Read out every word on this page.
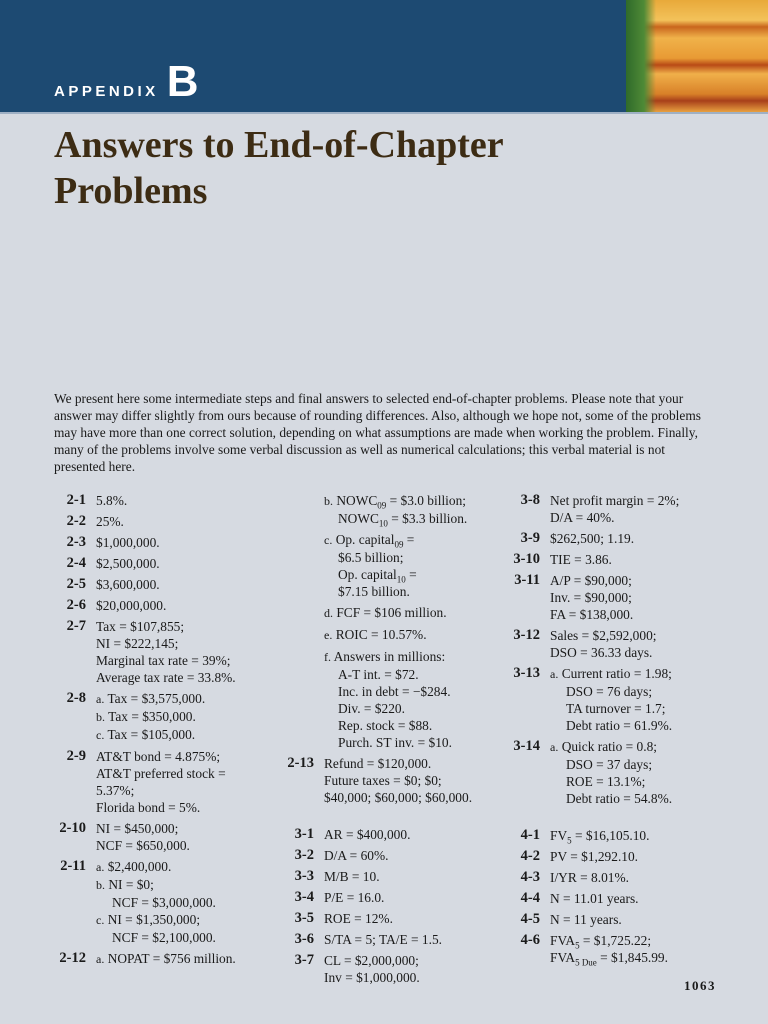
APPENDIX B
Answers to End-of-Chapter
Problems

We present here some intermediate steps and final answers to selected end-of-chapter problems. Please note that your answer may differ slightly from ours because of rounding differences. Also, although we hope not, some of the problems may have more than one correct solution, depending on what assumptions are made when working the problem. Finally, many of the problems involve some verbal discussion as well as numerical calculations; this verbal material is not presented here.

2-1 5.8%.
2-2 25%.
2-3 $1,000,000.
2-4 $2,500,000.
2-5 $3,600,000.
2-6 $20,000,000.
2-7 Tax = $107,855;
NI = $222,145;
Marginal tax rate = 39%;
Average tax rate = 33.8%.
2-8 a. Tax = $3,575,000.
b. Tax = $350,000.
c. Tax = $105,000.
2-9 AT&T bond = 4.875%;
AT&T preferred stock =
5.37%;
Florida bond = 5%.
2-10 NI = $450,000;
NCF = $650,000.
2-11 a. $2,400,000.
b. NI = $0;
NCF = $3,000,000.
c. NI = $1,350,000;
NCF = $2,100,000.
2-12 a. NOPAT = $756 million.
b. $NOWC_{09}$ = $3.0 billion;
$NOWC_{10}$ = $3.3 billion.
c. Op. capital$_{09}$ =
$6.5 billion;
Op. capital$_{10}$ =
$7.15 billion.
d. FCF = $106 million.
e. ROIC = 10.57%.
f. Answers in millions:
A-T int. = $72.
Inc. in debt = −$284.
Div. = $220.
Rep. stock = $88.
Purch. ST inv. = $10.
2-13 Refund = $120,000.
Future taxes = $0; $0;
$40,000; $60,000; $60,000.
3-1 AR = $400,000.
3-2 D/A = 60%.
3-3 M/B = 10.
3-4 P/E = 16.0.
3-5 ROE = 12%.
3-6 S/TA = 5; TA/E = 1.5.
3-7 CL = $2,000,000;
Inv = $1,000,000.
3-8 Net profit margin = 2%;
D/A = 40%.
3-9 $262,500; 1.19.
3-10 TIE = 3.86.
3-11 A/P = $90,000;
Inv. = $90,000;
FA = $138,000.
3-12 Sales = $2,592,000;
DSO = 36.33 days.
3-13 a. Current ratio = 1.98;
DSO = 76 days;
TA turnover = 1.7;
Debt ratio = 61.9%.
3-14 a. Quick ratio = 0.8;
DSO = 37 days;
ROE = 13.1%;
Debt ratio = 54.8%.
4-1 $FV_5$ = $16,105.10.
4-2 PV = $1,292.10.
4-3 I/YR = 8.01%.
4-4 N = 11.01 years.
4-5 N = 11 years.
4-6 $FVA_5$ = $1,725.22;
$FVA_{5 Due}$ = $1,845.99.
1063
